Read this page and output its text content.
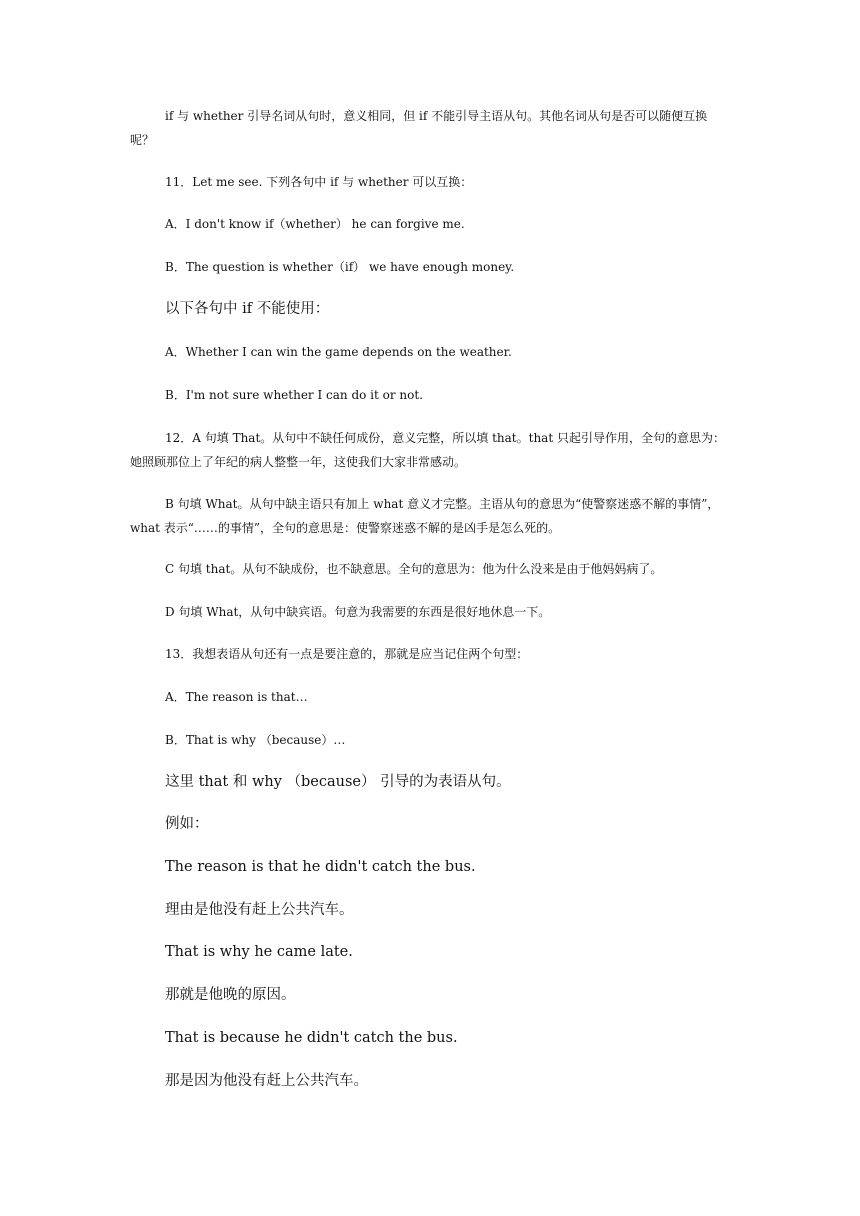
if 与 whether 引导名词从句时，意义相同，但 if 不能引导主语从句。其他名词从句是否可以随便互换呢？

11．Let me see. 下列各句中 if 与 whether 可以互换：

A．I don't know if（whether） he can forgive me.

B．The question is whether（if） we have enough money.

以下各句中 if 不能使用：

A．Whether I can win the game depends on the weather.

B．I'm not sure whether I can do it or not.

12．A 句填 That。从句中不缺任何成份，意义完整，所以填 that。that 只起引导作用，全句的意思为：她照顾那位上了年纪的病人整整一年，这使我们大家非常感动。

B 句填 What。从句中缺主语只有加上 what 意义才完整。主语从句的意思为“使警察迷惑不解的事情”，what 表示“……的事情”，全句的意思是：使警察迷惑不解的是凶手是怎么死的。

C 句填 that。从句不缺成份，也不缺意思。全句的意思为：他为什么没来是由于他妈妈病了。

D 句填 What，从句中缺宾语。句意为我需要的东西是很好地休息一下。

13．我想表语从句还有一点是要注意的，那就是应当记住两个句型：

A．The reason is that…

B．That is why （because）…

这里 that 和 why （because） 引导的为表语从句。

例如：

The reason is that he didn't catch the bus.

理由是他没有赶上公共汽车。

That is why he came late.

那就是他晚的原因。

That is because he didn't catch the bus.

那是因为他没有赶上公共汽车。
